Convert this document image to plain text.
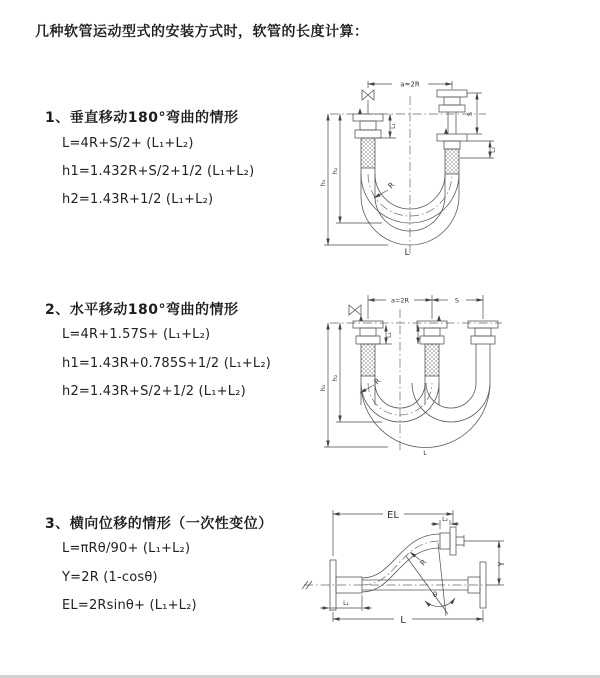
几种软管运动型式的安装方式时，软管的长度计算：
1、垂直移动180°弯曲的情形
L=4R+S/2+ (L₁+L₂)
h1=1.432R+S/2+1/2 (L₁+L₂)
h2=1.43R+1/2 (L₁+L₂)
a=2R
h₁
h₂
S
L₂
L₁
R
L
2、水平移动180°弯曲的情形
L=4R+1.57S+ (L₁+L₂)
h1=1.43R+0.785S+1/2 (L₁+L₂)
h2=1.43R+S/2+1/2 (L₁+L₂)
a=2R	S
h₁
h₂
L₁
R
L
3、横向位移的情形（一次性变位）
L=πRθ/90+ (L₁+L₂)
Y=2R (1-cosθ)
EL=2Rsinθ+ (L₁+L₂)
EL	L₂
Y
R
θ
L₁
L
